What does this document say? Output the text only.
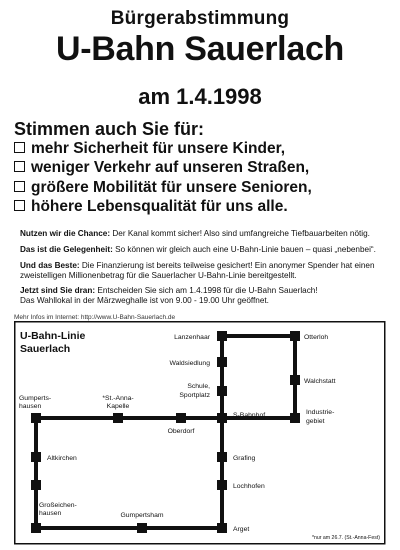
Bürgerabstimmung
U-Bahn Sauerlach
am 1.4.1998
Stimmen auch Sie für:
mehr Sicherheit für unsere Kinder,
weniger Verkehr auf unseren Straßen,
größere Mobilität für unsere Senioren,
höhere Lebensqualität für uns alle.
Nutzen wir die Chance: Der Kanal kommt sicher! Also sind umfangreiche Tiefbauarbeiten nötig.
Das ist die Gelegenheit: So können wir gleich auch eine U-Bahn-Linie bauen – quasi „nebenbei“.
Und das Beste: Die Finanzierung ist bereits teilweise gesichert! Ein anonymer Spender hat einen zweistelligen Millionenbetrag für die Sauerlacher U-Bahn-Linie bereitgestellt.
Jetzt sind Sie dran: Entscheiden Sie sich am 1.4.1998 für die U-Bahn Sauerlach!
Das Wahllokal in der Märzweghalle ist von 9.00 - 19.00 Uhr geöffnet.
Mehr Infos im Internet: http://www.U-Bahn-Sauerlach.de
U-Bahn-Linie
Sauerlach
Lanzenhaar	Otterloh
Waldsiedlung
Walchstatt
Schule,
Sportplatz
Gumperts-
hausen
*St.-Anna-
Kapelle
S-Bahnhof	Industrie-
gebiet
Oberdorf
Altkirchen	Grafing
Lochhofen
Großeichen-
hausen	Gumpertsham
Arget
*nur am 26.7. (St.-Anna-Fest)
